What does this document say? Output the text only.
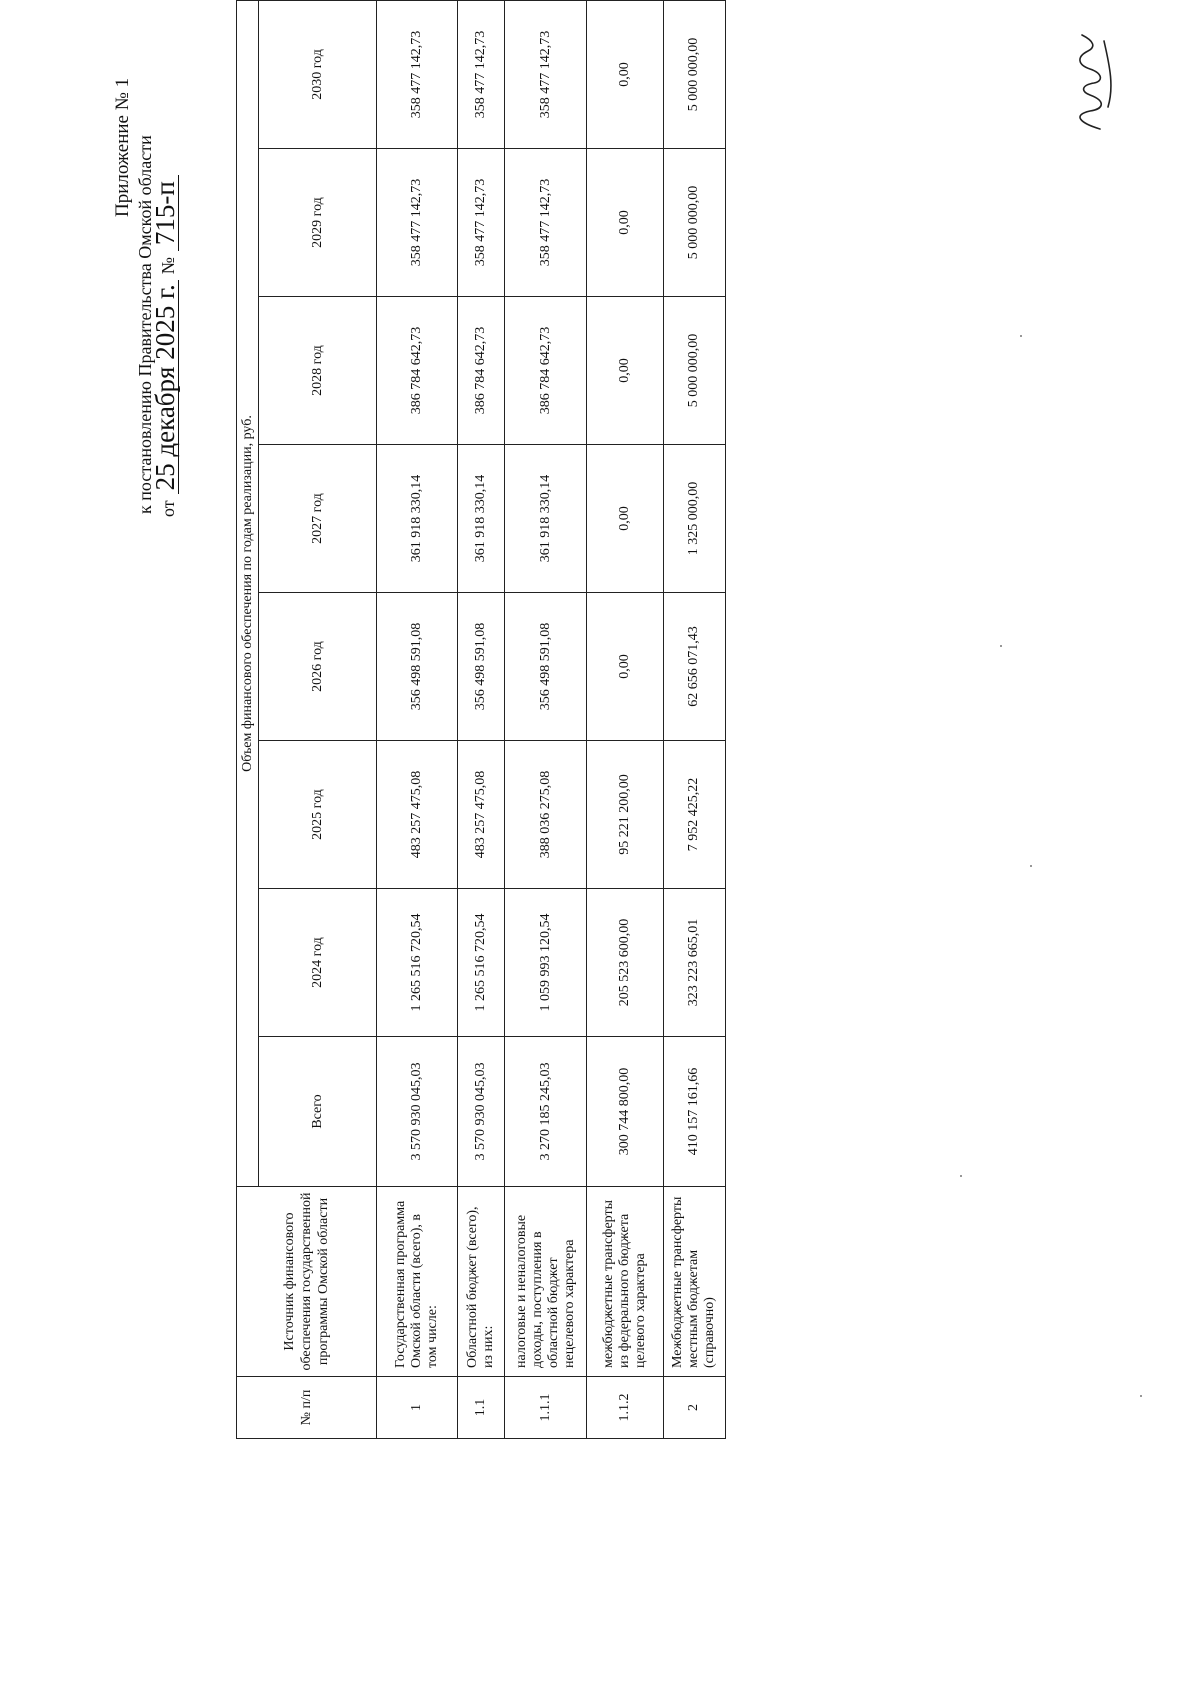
Приложение № 1 к постановлению Правительства Омской области от
25 декабря 2025 г.
№
715-п
№ п/п	Источник финансового обеспечения государственной программы Омской области	Объем финансового обеспечения по годам реализации, руб.							
		Всего	2024 год	2025 год	2026 год	2027 год	2028 год	2029 год	2030 год
1	Государственная программа Омской области (всего), в том числе:	3 570 930 045,03	1 265 516 720,54	483 257 475,08	356 498 591,08	361 918 330,14	386 784 642,73	358 477 142,73	358 477 142,73
1.1	Областной бюджет (всего), из них:	3 570 930 045,03	1 265 516 720,54	483 257 475,08	356 498 591,08	361 918 330,14	386 784 642,73	358 477 142,73	358 477 142,73
1.1.1	налоговые и неналоговые доходы, поступления в областной бюджет нецелевого характера	3 270 185 245,03	1 059 993 120,54	388 036 275,08	356 498 591,08	361 918 330,14	386 784 642,73	358 477 142,73	358 477 142,73
1.1.2	межбюджетные трансферты из федерального бюджета целевого характера	300 744 800,00	205 523 600,00	95 221 200,00	0,00	0,00	0,00	0,00	0,00
2	Межбюджетные трансферты местным бюджетам (справочно)	410 157 161,66	323 223 665,01	7 952 425,22	62 656 071,43	1 325 000,00	5 000 000,00	5 000 000,00	5 000 000,00
